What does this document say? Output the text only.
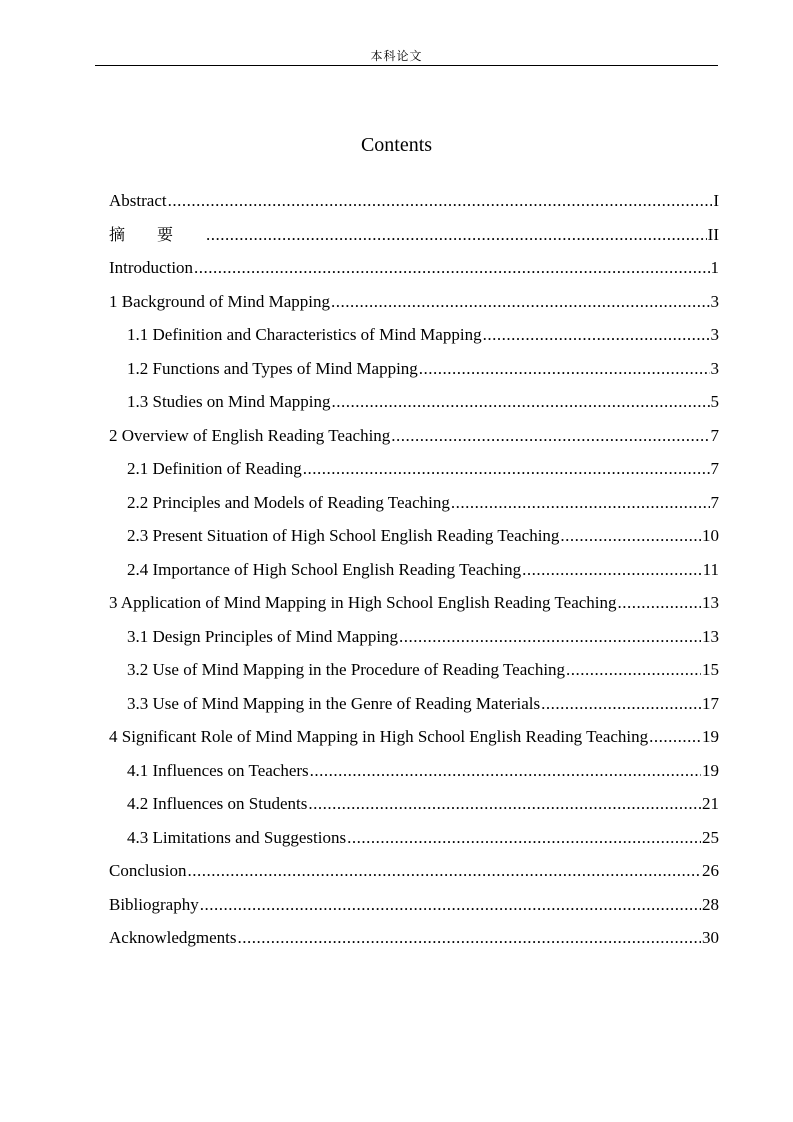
本科论文
Contents
Abstract .....	I
摘要 .....	II
Introduction .....	1
1 Background of Mind Mapping .....	3
1.1 Definition and Characteristics of Mind Mapping .....	3
1.2 Functions and Types of Mind Mapping .....	3
1.3 Studies on Mind Mapping .....	5
2 Overview of English Reading Teaching .....	7
2.1 Definition of Reading .....	7
2.2 Principles and Models of Reading Teaching .....	7
2.3 Present Situation of High School English Reading Teaching .....	10
2.4 Importance of High School English Reading Teaching .....	11
3 Application of Mind Mapping in High School English Reading Teaching .....	13
3.1 Design Principles of Mind Mapping .....	13
3.2 Use of Mind Mapping in the Procedure of Reading Teaching .....	15
3.3 Use of Mind Mapping in the Genre of Reading Materials .....	17
4 Significant Role of Mind Mapping in High School English Reading Teaching .....	19
4.1 Influences on Teachers .....	19
4.2 Influences on Students .....	21
4.3 Limitations and Suggestions .....	25
Conclusion .....	26
Bibliography .....	28
Acknowledgments .....	30
